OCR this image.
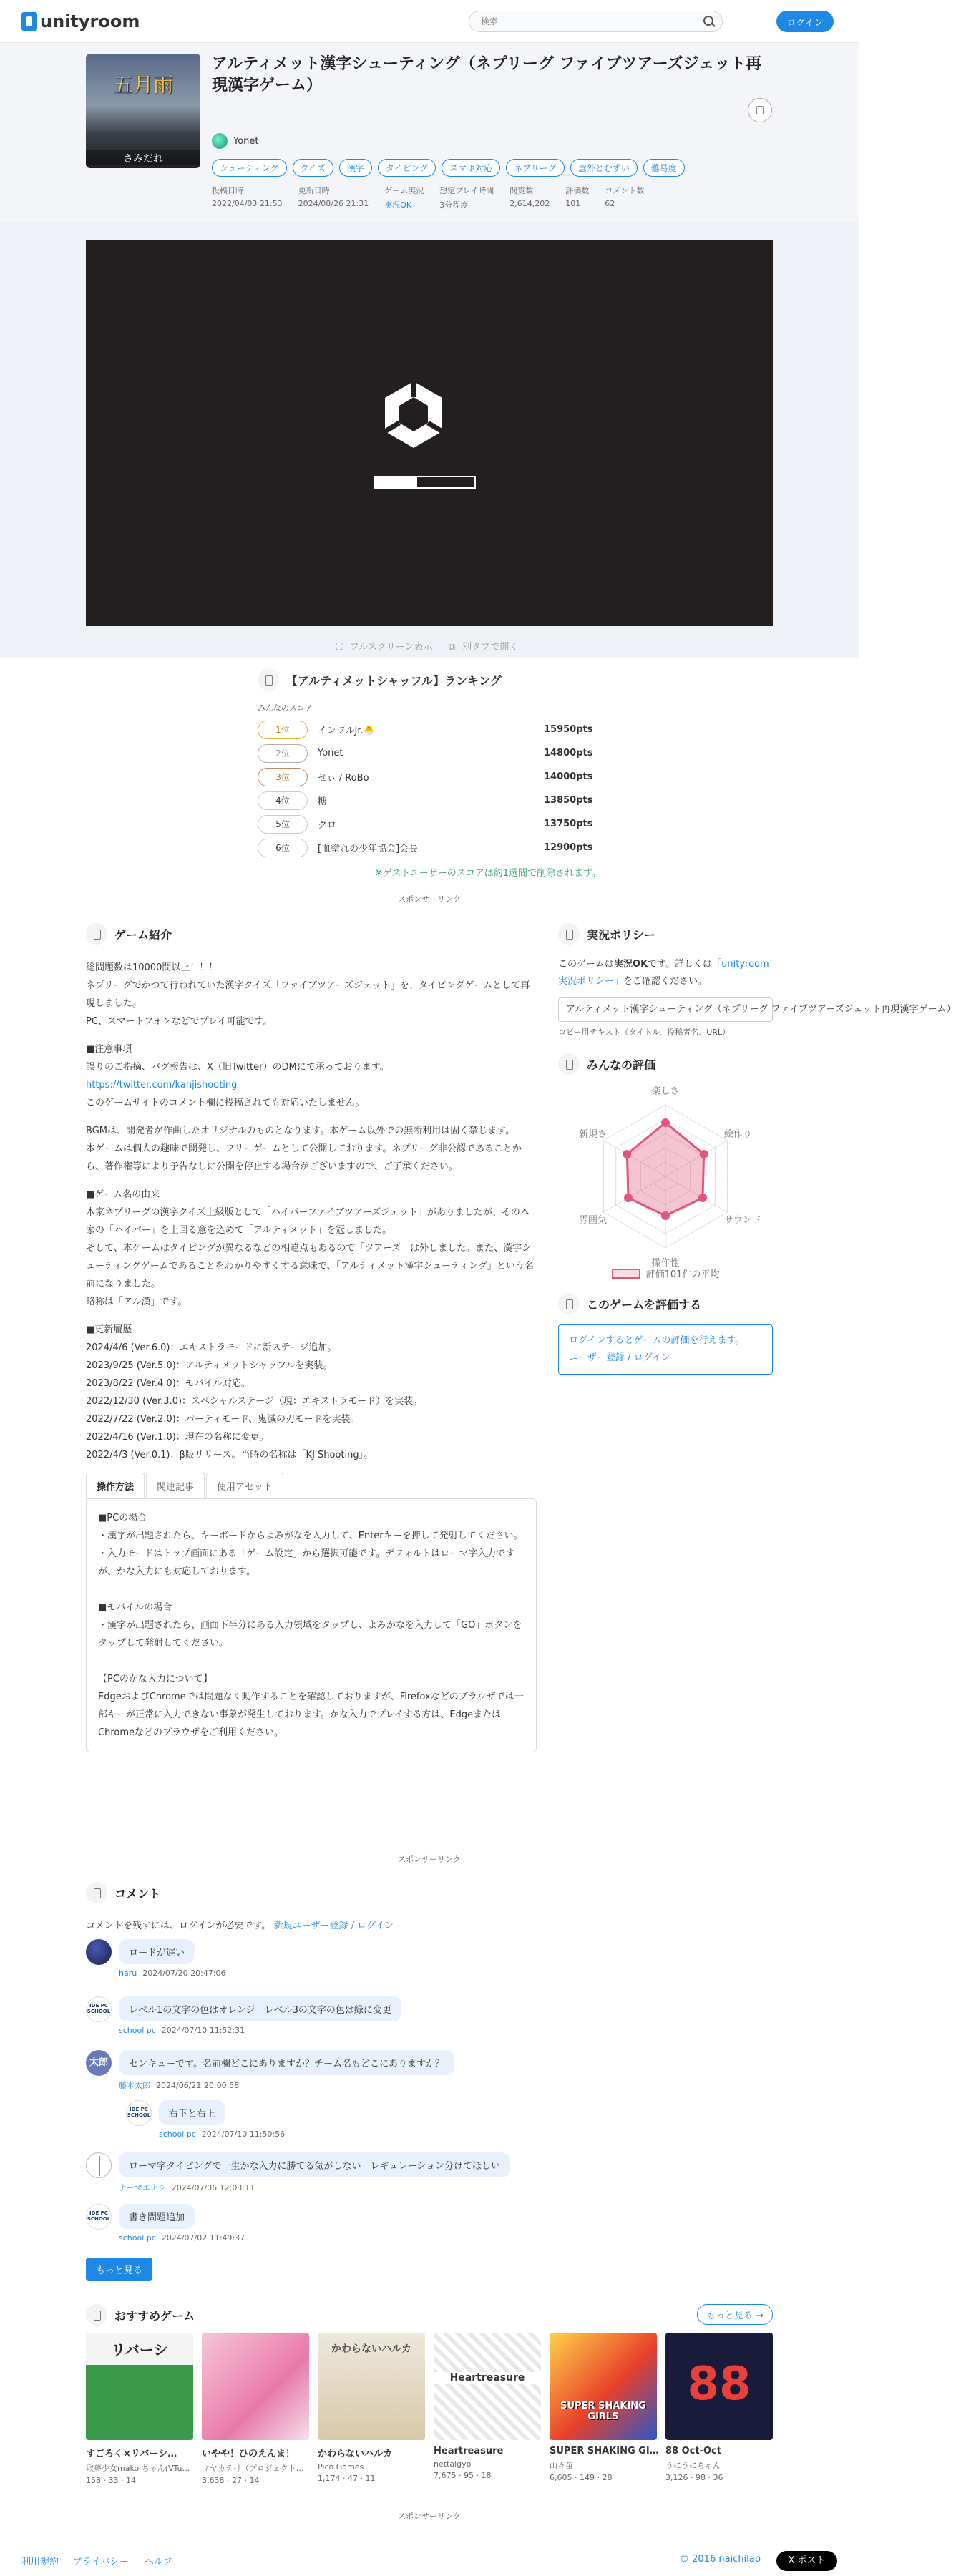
unityroom
検索	ログイン
五月雨
さみだれ
アルティメット漢字シューティング（ネプリーグ ファイブツアーズジェット再現漢字ゲーム）
Yonet
シューティング	クイズ	漢字	タイピング	スマホ対応	ネプリーグ	意外とむずい	難易度
投稿日時
2022/04/03 21:53
更新日時
2024/08/26 21:31
ゲーム実況
実況OK
想定プレイ時間
3分程度
閲覧数
2,614,202
評価数
101
コメント数
62
⛶ フルスクリーン表示 ⧉ 別タブで開く
【アルティメットシャッフル】ランキング
みんなのスコア
1位	インフルJr.🐣	15950pts
2位	Yonet	14800pts
3位	せぃ / RoBo	14000pts
4位	糖	13850pts
5位	クロ	13750pts
6位	[血塗れの少年協会]会長	12900pts
※ゲストユーザーのスコアは約1週間で削除されます。
スポンサーリンク
ゲーム紹介

総問題数は10000問以上！！！
ネプリーグでかつて行われていた漢字クイズ「ファイブツアーズジェット」を、タイピングゲームとして再現しました。
PC、スマートフォンなどでプレイ可能です。

■注意事項
誤りのご指摘、バグ報告は、X（旧Twitter）のDMにて承っております。

https://twitter.com/kanjishooting

このゲームサイトのコメント欄に投稿されても対応いたしません。

BGMは、開発者が作曲したオリジナルのものとなります。本ゲーム以外での無断利用は固く禁じます。
本ゲームは個人の趣味で開発し、フリーゲームとして公開しております。ネプリーグ非公認であることから、著作権等により予告なしに公開を停止する場合がございますので、ご了承ください。

■ゲーム名の由来
本家ネプリーグの漢字クイズ上級版として「ハイパーファイブツアーズジェット」がありましたが、その本家の「ハイパー」を上回る意を込めて「アルティメット」を冠しました。
そして、本ゲームはタイピングが異なるなどの相違点もあるので「ツアーズ」は外しました。また、漢字シューティングゲームであることをわかりやすくする意味で、「アルティメット漢字シューティング」という名前になりました。
略称は「アル漢」です。

■更新履歴
2024/4/6 (Ver.6.0)：エキストラモードに新ステージ追加。
2023/9/25 (Ver.5.0)：アルティメットシャッフルを実装。
2023/8/22 (Ver.4.0)：モバイル対応。
2022/12/30 (Ver.3.0)：スペシャルステージ（現：エキストラモード）を実装。
2022/7/22 (Ver.2.0)：パーティモード、鬼滅の刃モードを実装。
2022/4/16 (Ver.1.0)：現在の名称に変更。
2022/4/3 (Ver.0.1)：β版リリース。当時の名称は「KJ Shooting」。

操作方法	関連記事	使用アセット
■PCの場合
・漢字が出題されたら、キーボードからよみがなを入力して、Enterキーを押して発射してください。
・入力モードはトップ画面にある「ゲーム設定」から選択可能です。デフォルトはローマ字入力ですが、かな入力にも対応しております。

■モバイルの場合
・漢字が出題されたら、画面下半分にある入力領域をタップし、よみがなを入力して「GO」ボタンをタップして発射してください。

【PCのかな入力について】
EdgeおよびChromeでは問題なく動作することを確認しておりますが、Firefoxなどのブラウザでは一部キーが正常に入力できない事象が発生しております。かな入力でプレイする方は、EdgeまたはChromeなどのブラウザをご利用ください。
実況ポリシー
このゲームは実況OKです。詳しくは「unityroom実況ポリシー」をご確認ください。
アルティメット漢字シューティング（ネプリーグ ファイブツアーズジェット再現漢字ゲーム）
コピー用テキスト（タイトル、投稿者名、URL）
みんなの評価
楽しさ
絵作り
サウンド
操作性
雰囲気
新規さ
評価101件の平均
このゲームを評価する
ログインするとゲームの評価を行えます。
ユーザー登録 / ログイン
スポンサーリンク
コメント
コメントを残すには、ログインが必要です。 新規ユーザー登録 / ログイン
ロードが遅い
haru 2024/07/20 20:47:06
IDE PC SCHOOL	レベル1の文字の色はオレンジ　レベル3の文字の色は緑に変更
school pc 2024/07/10 11:52:31
太郎	センキューです。名前欄どこにありますか？チーム名もどこにありますか？
藤本太郎 2024/06/21 20:00:58
IDE PC SCHOOL	右下と右上
school pc 2024/07/10 11:50:56
ローマ字タイピングで一生かな入力に勝てる気がしない　レギュレーション分けてほしい
ナーマエナシ 2024/07/06 12:03:11
IDE PC SCHOOL	書き問題追加
school pc 2024/07/02 11:49:37
もっと見る
おすすめゲーム	もっと見る →
リバーシ
すごろく×リバーシ…
取夢少女mako ちゃん(VTu…
158 · 33 · 14
いやや！ひのえんま！
マヤカテけ（プロジェクト…
3,638 · 27 · 14
かわらないハルカ
かわらないハルカ
Pico Games
1,174 · 47 · 11
Heartreasure
Heartreasure
nettaigyo
7,675 · 95 · 18
SUPER SHAKING GIRLS
SUPER SHAKING GI…
山々苗
6,605 · 149 · 28
88
88 Oct-Oct
うにうにちゃん
3,126 · 98 · 36
スポンサーリンク
利用規約 プライバシー ヘルプ	© 2016 naichilab	X ポスト
